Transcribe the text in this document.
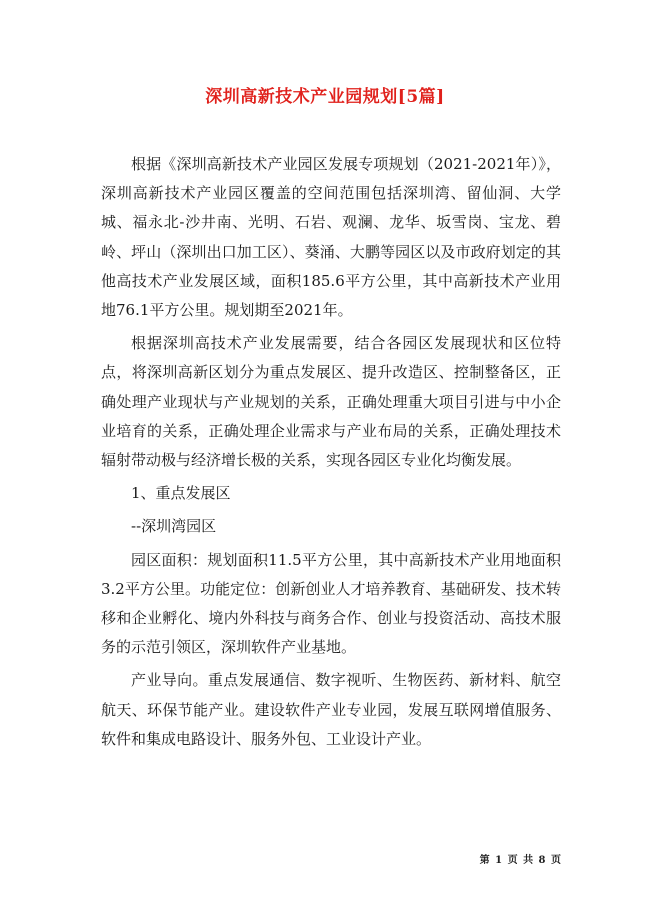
深圳高新技术产业园规划[5篇]

根据《深圳高新技术产业园区发展专项规划（2021-2021年）》，深圳高新技术产业园区覆盖的空间范围包括深圳湾、留仙洞、大学城、福永北-沙井南、光明、石岩、观澜、龙华、坂雪岗、宝龙、碧岭、坪山（深圳出口加工区）、葵涌、大鹏等园区以及市政府划定的其他高技术产业发展区域，面积185.6平方公里，其中高新技术产业用地76.1平方公里。规划期至2021年。

根据深圳高技术产业发展需要，结合各园区发展现状和区位特点，将深圳高新区划分为重点发展区、提升改造区、控制整备区，正确处理产业现状与产业规划的关系，正确处理重大项目引进与中小企业培育的关系，正确处理企业需求与产业布局的关系，正确处理技术辐射带动极与经济增长极的关系，实现各园区专业化均衡发展。

1、重点发展区

--深圳湾园区

园区面积：规划面积11.5平方公里，其中高新技术产业用地面积3.2平方公里。功能定位：创新创业人才培养教育、基础研发、技术转移和企业孵化、境内外科技与商务合作、创业与投资活动、高技术服务的示范引领区，深圳软件产业基地。

产业导向。重点发展通信、数字视听、生物医药、新材料、航空航天、环保节能产业。建设软件产业专业园，发展互联网增值服务、软件和集成电路设计、服务外包、工业设计产业。

第 1 页 共 8 页
